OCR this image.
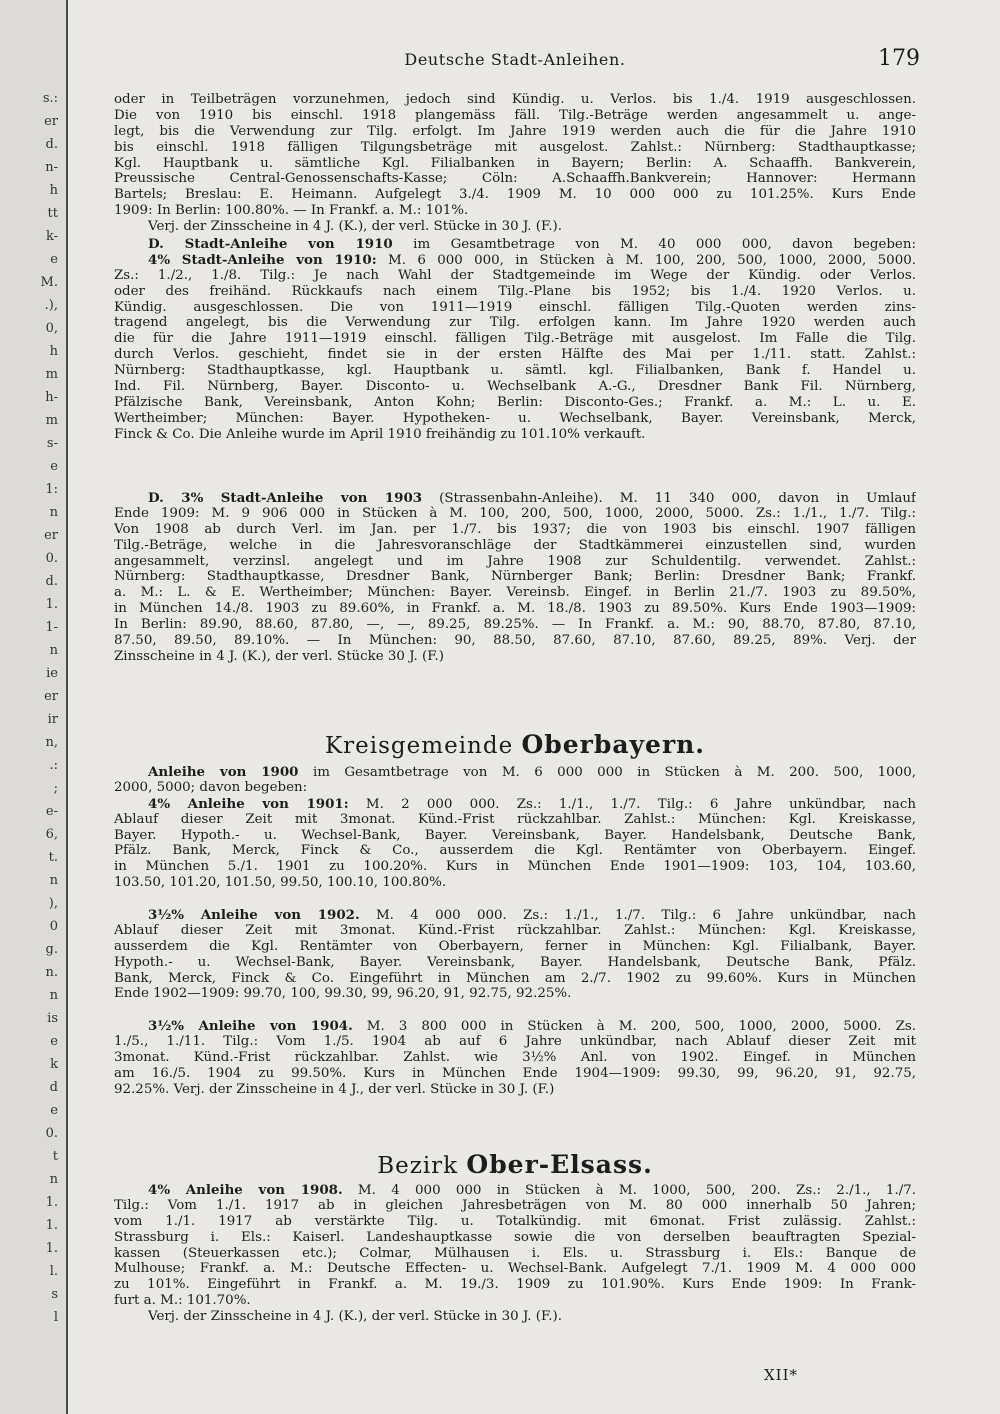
s.:
er
d.
n-
h
tt
k-
e
M.
.),
0,
h
m
h-
m
s-
e
1:
n
er
0.
d.
1.
1-
n
ie
er
ir
n,
.:
;
e-
6,
t.
n
),
0
g.
n.
n
is
e
k
d
e
0.
t
n
1.
1.
1.
l.
s
l
Deutsche Stadt-Anleihen.	179
oder in Teilbeträgen vorzunehmen, jedoch sind Kündig. u. Verlos. bis 1./4. 1919 ausgeschlossen.
Die von 1910 bis einschl. 1918 plangemäss fäll. Tilg.-Beträge werden angesammelt u. ange-
legt, bis die Verwendung zur Tilg. erfolgt. Im Jahre 1919 werden auch die für die Jahre 1910
bis einschl. 1918 fälligen Tilgungsbeträge mit ausgelost. Zahlst.: Nürnberg: Stadthauptkasse;
Kgl. Hauptbank u. sämtliche Kgl. Filialbanken in Bayern; Berlin: A. Schaaffh. Bankverein,
Preussische Central-Genossenschafts-Kasse; Cöln: A.Schaaffh.Bankverein; Hannover: Hermann
Bartels; Breslau: E. Heimann. Aufgelegt 3./4. 1909 M. 10 000 000 zu 101.25%. Kurs Ende
1909: In Berlin: 100.80%. — In Frankf. a. M.: 101%.
Verj. der Zinsscheine in 4 J. (K.), der verl. Stücke in 30 J. (F.).
D. Stadt-Anleihe von 1910 im Gesamtbetrage von M. 40 000 000, davon begeben:
4% Stadt-Anleihe von 1910: M. 6 000 000, in Stücken à M. 100, 200, 500, 1000, 2000, 5000.
Zs.: 1./2., 1./8. Tilg.: Je nach Wahl der Stadtgemeinde im Wege der Kündig. oder Verlos.
oder des freihänd. Rückkaufs nach einem Tilg.-Plane bis 1952; bis 1./4. 1920 Verlos. u.
Kündig. ausgeschlossen. Die von 1911—1919 einschl. fälligen Tilg.-Quoten werden zins-
tragend angelegt, bis die Verwendung zur Tilg. erfolgen kann. Im Jahre 1920 werden auch
die für die Jahre 1911—1919 einschl. fälligen Tilg.-Beträge mit ausgelost. Im Falle die Tilg.
durch Verlos. geschieht, findet sie in der ersten Hälfte des Mai per 1./11. statt. Zahlst.:
Nürnberg: Stadthauptkasse, kgl. Hauptbank u. sämtl. kgl. Filialbanken, Bank f. Handel u.
Ind. Fil. Nürnberg, Bayer. Disconto- u. Wechselbank A.-G., Dresdner Bank Fil. Nürnberg,
Pfälzische Bank, Vereinsbank, Anton Kohn; Berlin: Disconto-Ges.; Frankf. a. M.: L. u. E.
Wertheimber; München: Bayer. Hypotheken- u. Wechselbank, Bayer. Vereinsbank, Merck,
Finck & Co. Die Anleihe wurde im April 1910 freihändig zu 101.10% verkauft.
D. 3% Stadt-Anleihe von 1903 (Strassenbahn-Anleihe). M. 11 340 000, davon in Umlauf
Ende 1909: M. 9 906 000 in Stücken à M. 100, 200, 500, 1000, 2000, 5000. Zs.: 1./1., 1./7. Tilg.:
Von 1908 ab durch Verl. im Jan. per 1./7. bis 1937; die von 1903 bis einschl. 1907 fälligen
Tilg.-Beträge, welche in die Jahresvoranschläge der Stadtkämmerei einzustellen sind, wurden
angesammelt, verzinsl. angelegt und im Jahre 1908 zur Schuldentilg. verwendet. Zahlst.:
Nürnberg: Stadthauptkasse, Dresdner Bank, Nürnberger Bank; Berlin: Dresdner Bank; Frankf.
a. M.: L. & E. Wertheimber; München: Bayer. Vereinsb. Eingef. in Berlin 21./7. 1903 zu 89.50%,
in München 14./8. 1903 zu 89.60%, in Frankf. a. M. 18./8. 1903 zu 89.50%. Kurs Ende 1903—1909:
In Berlin: 89.90, 88.60, 87.80, —, —, 89.25, 89.25%. — In Frankf. a. M.: 90, 88.70, 87.80, 87.10,
87.50, 89.50, 89.10%. — In München: 90, 88.50, 87.60, 87.10, 87.60, 89.25, 89%. Verj. der
Zinsscheine in 4 J. (K.), der verl. Stücke 30 J. (F.)
Kreisgemeinde Oberbayern.
Anleihe von 1900 im Gesamtbetrage von M. 6 000 000 in Stücken à M. 200. 500, 1000,
2000, 5000; davon begeben:
4% Anleihe von 1901: M. 2 000 000. Zs.: 1./1., 1./7. Tilg.: 6 Jahre unkündbar, nach
Ablauf dieser Zeit mit 3monat. Künd.-Frist rückzahlbar. Zahlst.: München: Kgl. Kreiskasse,
Bayer. Hypoth.- u. Wechsel-Bank, Bayer. Vereinsbank, Bayer. Handelsbank, Deutsche Bank,
Pfälz. Bank, Merck, Finck & Co., ausserdem die Kgl. Rentämter von Oberbayern. Eingef.
in München 5./1. 1901 zu 100.20%. Kurs in München Ende 1901—1909: 103, 104, 103.60,
103.50, 101.20, 101.50, 99.50, 100.10, 100.80%.
3½% Anleihe von 1902. M. 4 000 000. Zs.: 1./1., 1./7. Tilg.: 6 Jahre unkündbar, nach
Ablauf dieser Zeit mit 3monat. Künd.-Frist rückzahlbar. Zahlst.: München: Kgl. Kreiskasse,
ausserdem die Kgl. Rentämter von Oberbayern, ferner in München: Kgl. Filialbank, Bayer.
Hypoth.- u. Wechsel-Bank, Bayer. Vereinsbank, Bayer. Handelsbank, Deutsche Bank, Pfälz.
Bank, Merck, Finck & Co. Eingeführt in München am 2./7. 1902 zu 99.60%. Kurs in München
Ende 1902—1909: 99.70, 100, 99.30, 99, 96.20, 91, 92.75, 92.25%.
3½% Anleihe von 1904. M. 3 800 000 in Stücken à M. 200, 500, 1000, 2000, 5000. Zs.
1./5., 1./11. Tilg.: Vom 1./5. 1904 ab auf 6 Jahre unkündbar, nach Ablauf dieser Zeit mit
3monat. Künd.-Frist rückzahlbar. Zahlst. wie 3½% Anl. von 1902. Eingef. in München
am 16./5. 1904 zu 99.50%. Kurs in München Ende 1904—1909: 99.30, 99, 96.20, 91, 92.75,
92.25%. Verj. der Zinsscheine in 4 J., der verl. Stücke in 30 J. (F.)
Bezirk Ober-Elsass.
4% Anleihe von 1908. M. 4 000 000 in Stücken à M. 1000, 500, 200. Zs.: 2./1., 1./7.
Tilg.: Vom 1./1. 1917 ab in gleichen Jahresbeträgen von M. 80 000 innerhalb 50 Jahren;
vom 1./1. 1917 ab verstärkte Tilg. u. Totalkündig. mit 6monat. Frist zulässig. Zahlst.:
Strassburg i. Els.: Kaiserl. Landeshauptkasse sowie die von derselben beauftragten Spezial-
kassen (Steuerkassen etc.); Colmar, Mülhausen i. Els. u. Strassburg i. Els.: Banque de
Mulhouse; Frankf. a. M.: Deutsche Effecten- u. Wechsel-Bank. Aufgelegt 7./1. 1909 M. 4 000 000
zu 101%. Eingeführt in Frankf. a. M. 19./3. 1909 zu 101.90%. Kurs Ende 1909: In Frank-
furt a. M.: 101.70%.
Verj. der Zinsscheine in 4 J. (K.), der verl. Stücke in 30 J. (F.).
XII*
